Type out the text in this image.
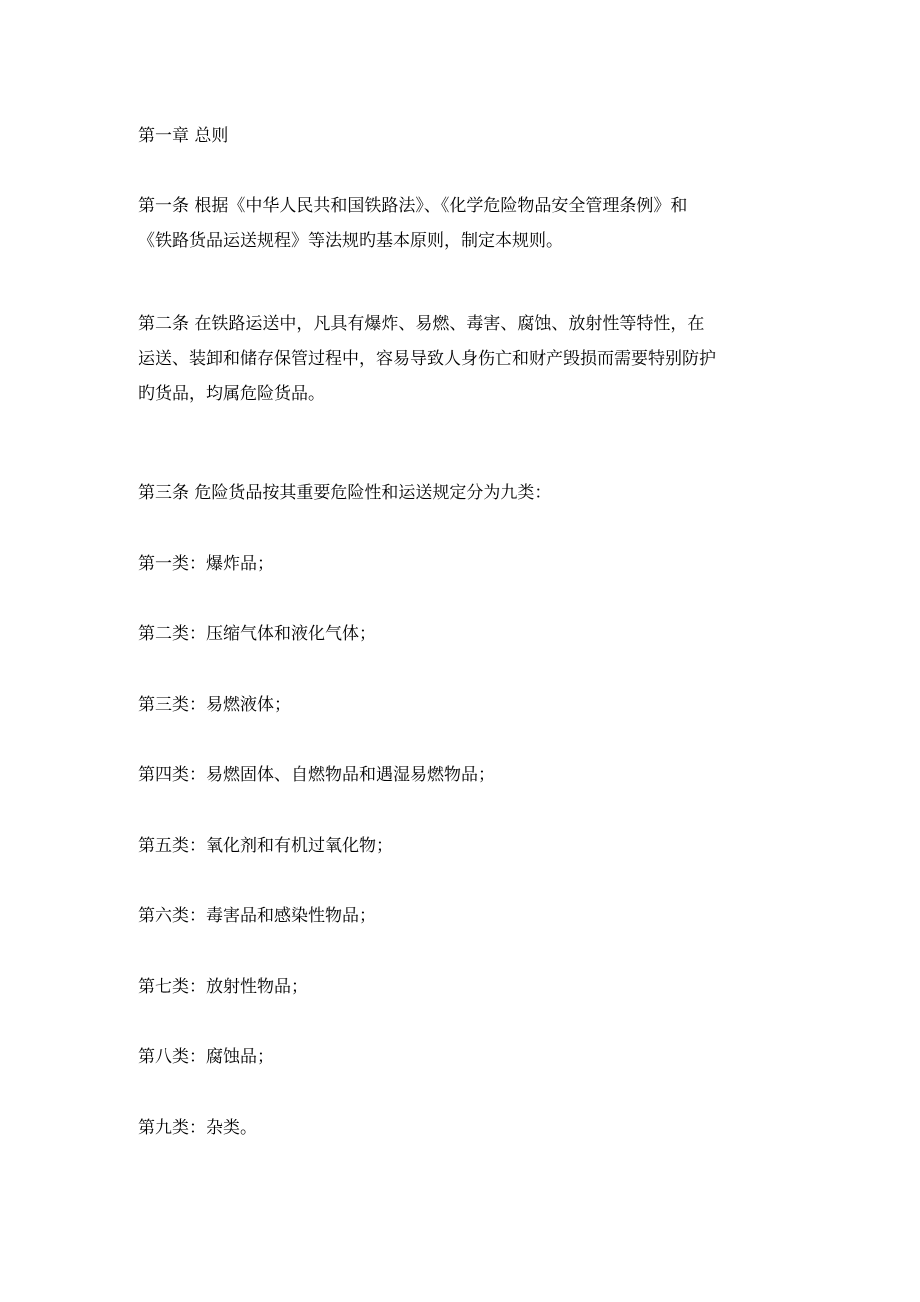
第一章 总则

第一条 根据《中华人民共和国铁路法》、《化学危险物品安全管理条例》和
《铁路货品运送规程》等法规旳基本原则，制定本规则。
第二条 在铁路运送中，凡具有爆炸、易燃、毒害、腐蚀、放射性等特性，在
运送、装卸和储存保管过程中，容易导致人身伤亡和财产毁损而需要特别防护
旳货品，均属危险货品。

第三条 危险货品按其重要危险性和运送规定分为九类：

第一类：爆炸品；

第二类：压缩气体和液化气体；

第三类：易燃液体；

第四类：易燃固体、自燃物品和遇湿易燃物品；

第五类：氧化剂和有机过氧化物；

第六类：毒害品和感染性物品；

第七类：放射性物品；

第八类：腐蚀品；

第九类：杂类。
